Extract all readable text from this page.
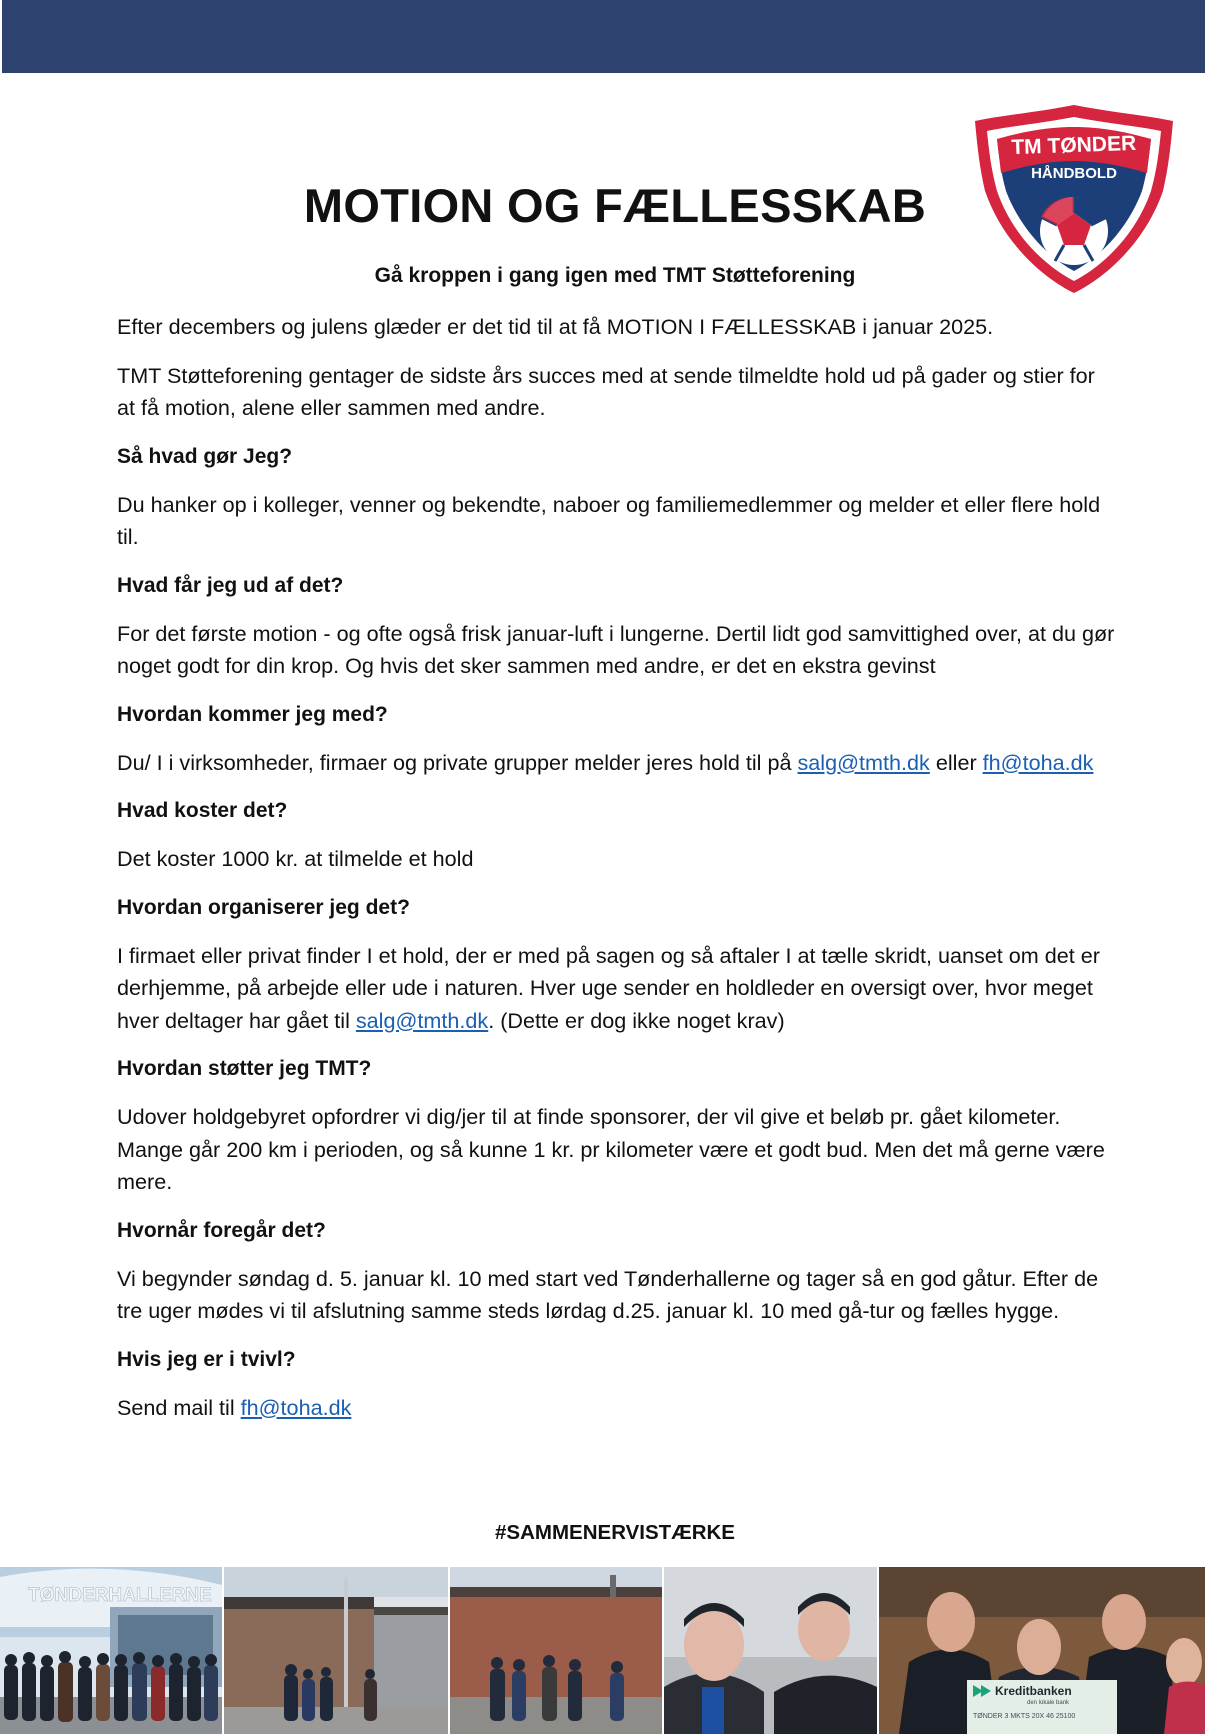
TM TØNDER
HÅNDBOLD
MOTION OG FÆLLESSKAB

Gå kroppen i gang igen med TMT Støtteforening

Efter decembers og julens glæder er det tid til at få MOTION I FÆLLESSKAB i januar 2025.

TMT Støtteforening gentager de sidste års succes med at sende tilmeldte hold ud på gader og stier for at få motion, alene eller sammen med andre.

Så hvad gør Jeg?

Du hanker op i kolleger, venner og bekendte, naboer og familiemedlemmer og melder et eller flere hold til.

Hvad får jeg ud af det?

For det første motion - og ofte også frisk januar-luft i lungerne. Dertil lidt god samvittighed over, at du gør noget godt for din krop. Og hvis det sker sammen med andre, er det en ekstra gevinst

Hvordan kommer jeg med?

Du/ I i virksomheder, firmaer og private grupper melder jeres hold til på salg@tmth.dk eller fh@toha.dk

Hvad koster det?

Det koster 1000 kr. at tilmelde et hold

Hvordan organiserer jeg det?

I firmaet eller privat finder I et hold, der er med på sagen og så aftaler I at tælle skridt, uanset om det er derhjemme, på arbejde eller ude i naturen. Hver uge sender en holdleder en oversigt over, hvor meget hver deltager har gået til salg@tmth.dk. (Dette er dog ikke noget krav)

Hvordan støtter jeg TMT?

Udover holdgebyret opfordrer vi dig/jer til at finde sponsorer, der vil give et beløb pr. gået kilometer. Mange går 200 km i perioden, og så kunne 1 kr. pr kilometer være et godt bud. Men det må gerne være mere.

Hvornår foregår det?

Vi begynder søndag d. 5. januar kl. 10 med start ved Tønderhallerne og tager så en god gåtur. Efter de tre uger mødes vi til afslutning samme steds lørdag d.25. januar kl. 10 med gå-tur og fælles hygge.

Hvis jeg er i tvivl?

Send mail til fh@toha.dk

#SAMMENERVISTÆRKE
TØNDERHALLERNE
Kreditbanken
den lokale bank
TØNDER 3 MKTS 20X 46 25100
